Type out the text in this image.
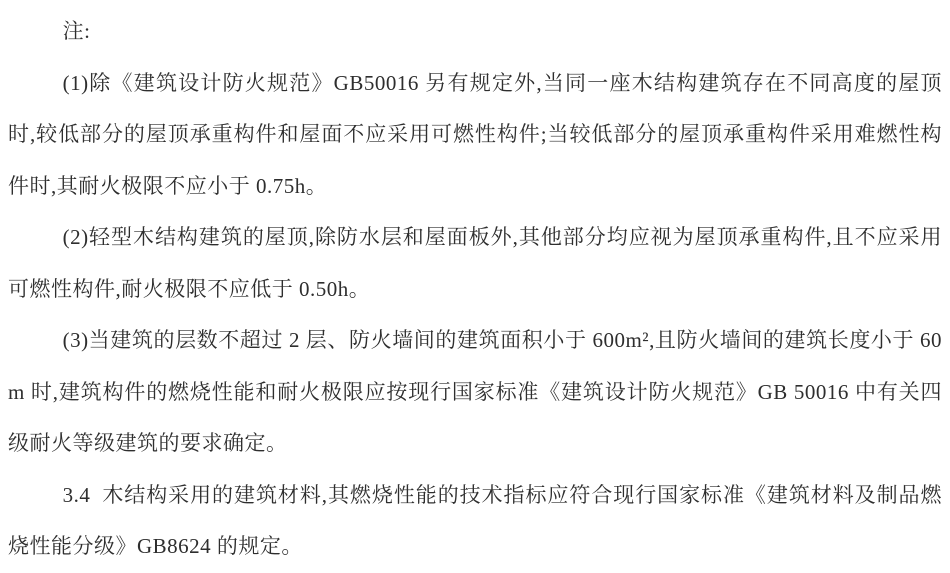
注:

(1)除《建筑设计防火规范》GB50016 另有规定外,当同一座木结构建筑存在不同高度的屋顶时,较低部分的屋顶承重构件和屋面不应采用可燃性构件;当较低部分的屋顶承重构件采用难燃性构件时,其耐火极限不应小于 0.75h。

(2)轻型木结构建筑的屋顶,除防水层和屋面板外,其他部分均应视为屋顶承重构件,且不应采用可燃性构件,耐火极限不应低于 0.50h。

(3)当建筑的层数不超过 2 层、防火墙间的建筑面积小于 600m²,且防火墙间的建筑长度小于 60m 时,建筑构件的燃烧性能和耐火极限应按现行国家标准《建筑设计防火规范》GB 50016 中有关四级耐火等级建筑的要求确定。

3.4 木结构采用的建筑材料,其燃烧性能的技术指标应符合现行国家标准《建筑材料及制品燃烧性能分级》GB8624 的规定。
